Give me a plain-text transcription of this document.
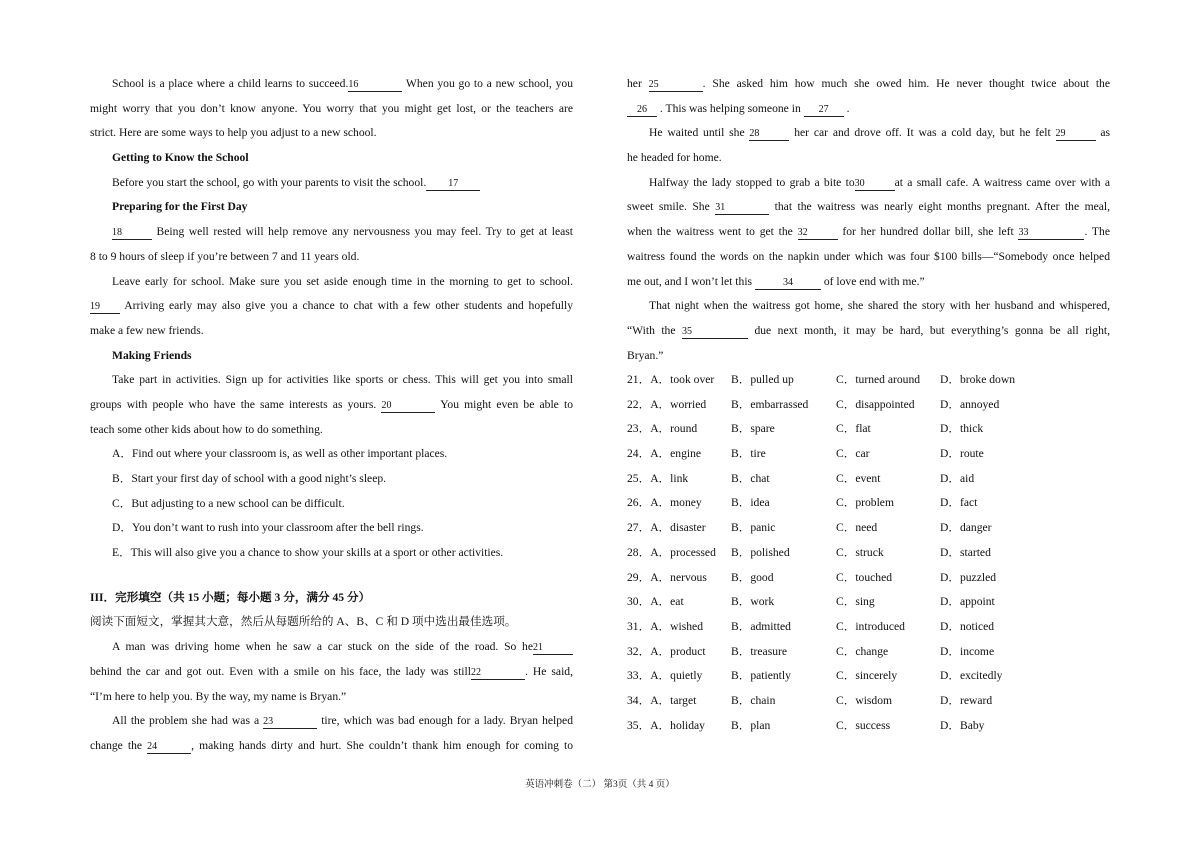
School is a place where a child learns to succeed.16	When you go to a new school, you
might worry that you don’t know anyone. You worry that you might get lost, or the teachers are
strict. Here are some ways to help you adjust to a new school.
Getting to Know the School
Before you start the school, go with your parents to visit the school. 17
Preparing for the First Day
18	Being well rested will help remove any nervousness you may feel. Try to get at least
8 to 9 hours of sleep if you’re between 7 and 11 years old.
Leave early for school. Make sure you set aside enough time in the morning to get to school.
19 Arriving early may also give you a chance to chat with a few other students and hopefully
make a few new friends.
Making Friends
Take part in activities. Sign up for activities like sports or chess. This will get you into small
groups with people who have the same interests as yours. 20	You might even be able to
teach some other kids about how to do something.
A．Find out where your classroom is, as well as other important places.
B．Start your first day of school with a good night’s sleep.
C．But adjusting to a new school can be difficult.
D．You don’t want to rush into your classroom after the bell rings.
E．This will also give you a chance to show your skills at a sport or other activities.
III．完形填空（共 15 小题；每小题 3 分，满分 45 分）
阅读下面短文，掌握其大意，然后从每题所给的 A、B、C 和 D 项中选出最佳选项。
A man was driving home when he saw a car stuck on the side of the road. So he21
behind the car and got out. Even with a smile on his face, the lady was still22	. He said,
“I’m here to help you. By the way, my name is Bryan.”
All the problem she had was a 23	tire, which was bad enough for a lady. Bryan helped
change the 24	, making hands dirty and hurt. She couldn’t thank him enough for coming to
her 25	. She asked him how much she owed him. He never thought twice about the
26 . This was helping someone in 27 .
He waited until she 28	her car and drove off. It was a cold day, but he felt 29	as
he headed for home.
Halfway the lady stopped to grab a bite to30	at a small cafe. A waitress came over with a
sweet smile. She 31	that the waitress was nearly eight months pregnant. After the meal,
when the waitress went to get the 32	for her hundred dollar bill, she left 33	. The
waitress found the words on the napkin under which was four $100 bills—“Somebody once helped
me out, and I won’t let this	34 of love end with me.”
That night when the waitress got home, she shared the story with her husband and whispered,
“With the 35	due next month, it may be hard, but everything’s gonna be all right,
Bryan.”
21．A．took over B．pulled up	C．turned around D．broke down
22．A．worried B．embarrassed C．disappointed D．annoyed
23．A．round	B．spare	C．flat	D．thick
24．A．engine	B．tire	C．car	D．route
25．A．link	B．chat	C．event	D．aid
26．A．money	B．idea	C．problem	D．fact
27．A．disaster B．panic	C．need	D．danger
28．A．processed B．polished	C．struck	D．started
29．A．nervous B．good	C．touched	D．puzzled
30．A．eat	B．work	C．sing	D．appoint
31．A．wished B．admitted	C．introduced	D．noticed
32．A．product B．treasure	C．change	D．income
33．A．quietly B．patiently	C．sincerely	D．excitedly
34．A．target	B．chain	C．wisdom	D．reward
35．A．holiday B．plan	C．success	D．Baby
英语冲刺卷（二） 第3页（共 4 页）
